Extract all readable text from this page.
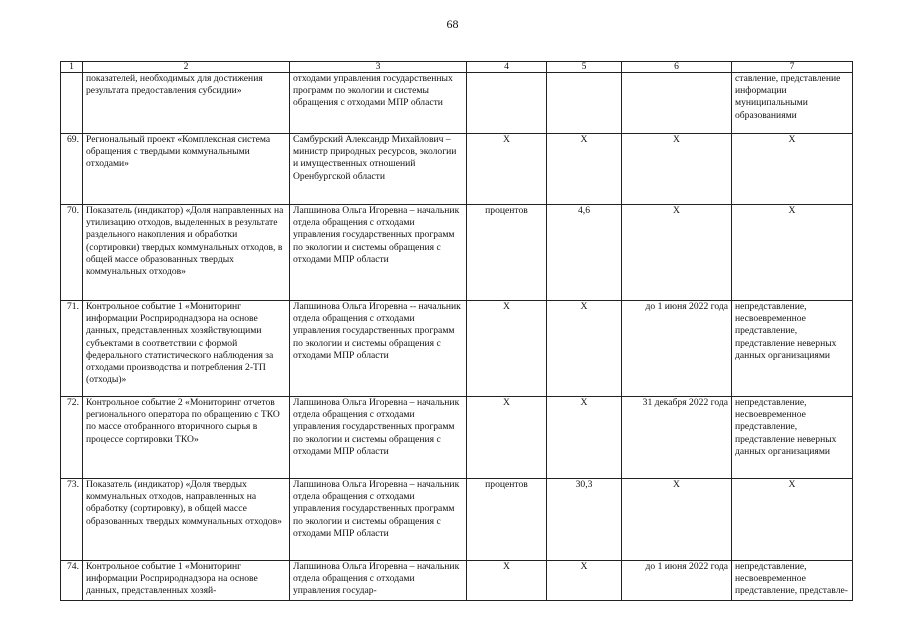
68
1	2	3	4	5	6	7
	показателей, необходимых для достижения результата предоставления субсидии»	отходами управления государственных программ по экологии и системы обращения с отходами МПР области				ставление, представление информации муниципальными образованиями
69.	Региональный проект «Комплексная система обращения с твердыми коммунальными отходами»	Самбурский Александр Михайлович – министр природных ресурсов, экологии и имущественных отношений Оренбургской области	X	X	X	X
70.	Показатель (индикатор) «Доля направленных на утилизацию отходов, выделенных в результате раздельного накопления и обработки (сортировки) твердых коммунальных отходов, в общей массе образованных твердых коммунальных отходов»	Лапшинова Ольга Игоревна – начальник отдела обращения с отходами управления государственных программ по экологии и системы обращения с отходами МПР области	процентов	4,6	X	X
71.	Контрольное событие 1 «Мониторинг информации Росприроднадзора на основе данных, представленных хозяйствующими субъектами в соответствии с формой федерального статистического наблюдения за отходами производства и потребления 2-ТП (отходы)»	Лапшинова Ольга Игоревна -- начальник отдела обращения с отходами управления государственных программ по экологии и системы обращения с отходами МПР области	X	X	до 1 июня 2022 года	непредставление, несвоевременное представление, представление неверных данных организациями
72.	Контрольное событие 2 «Мониторинг отчетов регионального оператора по обращению с ТКО по массе отобранного вторичного сырья в процессе сортировки ТКО»	Лапшинова Ольга Игоревна – начальник отдела обращения с отходами управления государственных программ по экологии и системы обращения с отходами МПР области	X	X	31 декабря 2022 года	непредставление, несвоевременное представление, представление неверных данных организациями
73.	Показатель (индикатор) «Доля твердых коммунальных отходов, направленных на обработку (сортировку), в общей массе образованных твердых коммунальных отходов»	Лапшинова Ольга Игоревна – начальник отдела обращения с отходами управления государственных программ по экологии и системы обращения с отходами МПР области	процентов	30,3	X	X
74.	Контрольное событие 1 «Мониторинг информации Росприроднадзора на основе данных, представленных хозяй-	Лапшинова Ольга Игоревна – начальник отдела обращения с отходами управления государ-	X	X	до 1 июня 2022 года	непредставление, несвоевременное представление, представле-
